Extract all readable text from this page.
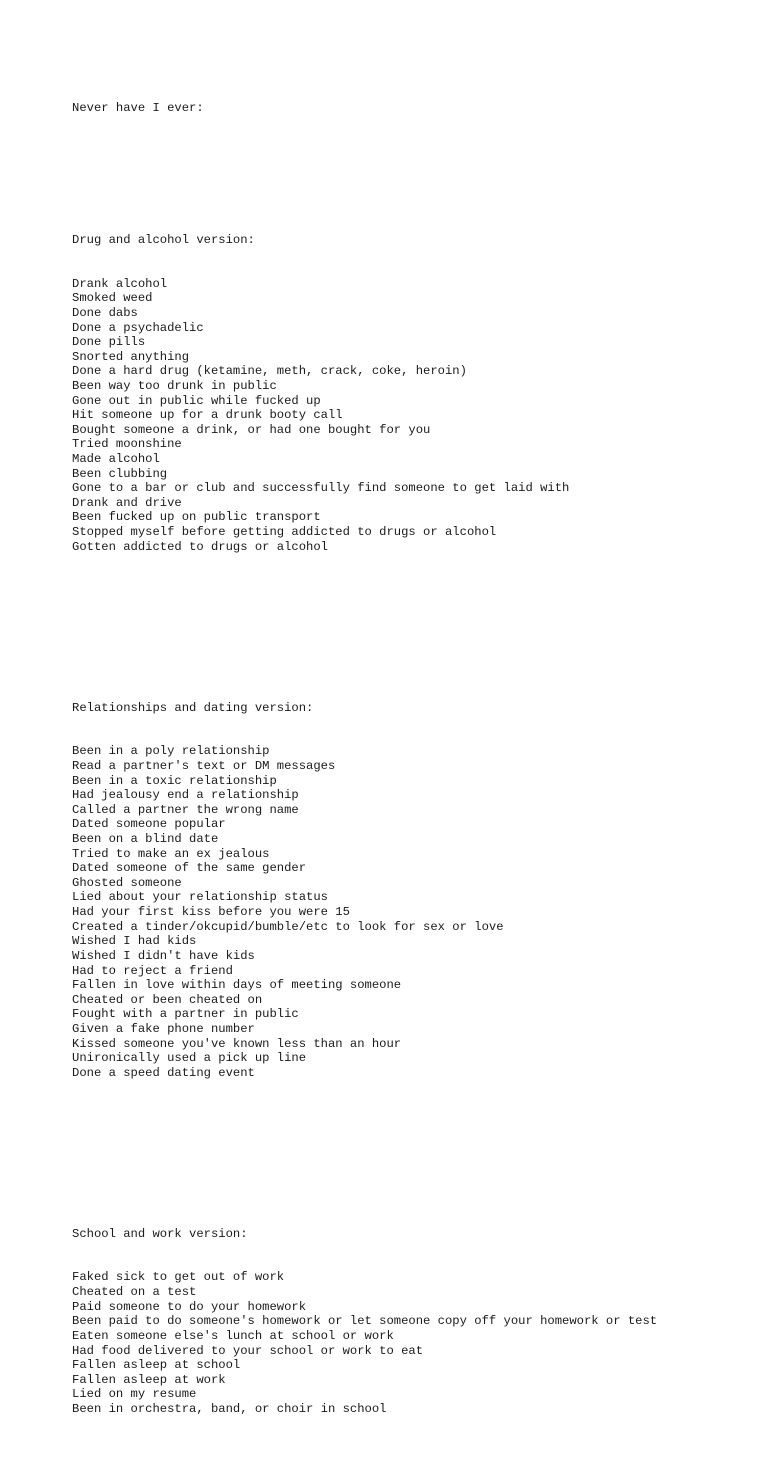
Never have I ever:

Drug and alcohol version:

Drank alcohol
Smoked weed
Done dabs
Done a psychadelic
Done pills
Snorted anything
Done a hard drug (ketamine, meth, crack, coke, heroin)
Been way too drunk in public
Gone out in public while fucked up
Hit someone up for a drunk booty call
Bought someone a drink, or had one bought for you
Tried moonshine
Made alcohol
Been clubbing
Gone to a bar or club and successfully find someone to get laid with
Drank and drive
Been fucked up on public transport
Stopped myself before getting addicted to drugs or alcohol
Gotten addicted to drugs or alcohol

Relationships and dating version:

Been in a poly relationship
Read a partner's text or DM messages
Been in a toxic relationship
Had jealousy end a relationship
Called a partner the wrong name
Dated someone popular
Been on a blind date
Tried to make an ex jealous
Dated someone of the same gender
Ghosted someone
Lied about your relationship status
Had your first kiss before you were 15
Created a tinder/okcupid/bumble/etc to look for sex or love
Wished I had kids
Wished I didn't have kids
Had to reject a friend
Fallen in love within days of meeting someone
Cheated or been cheated on
Fought with a partner in public
Given a fake phone number
Kissed someone you've known less than an hour
Unironically used a pick up line
Done a speed dating event

School and work version:

Faked sick to get out of work
Cheated on a test
Paid someone to do your homework
Been paid to do someone's homework or let someone copy off your homework or test
Eaten someone else's lunch at school or work
Had food delivered to your school or work to eat
Fallen asleep at school
Fallen asleep at work
Lied on my resume
Been in orchestra, band, or choir in school
